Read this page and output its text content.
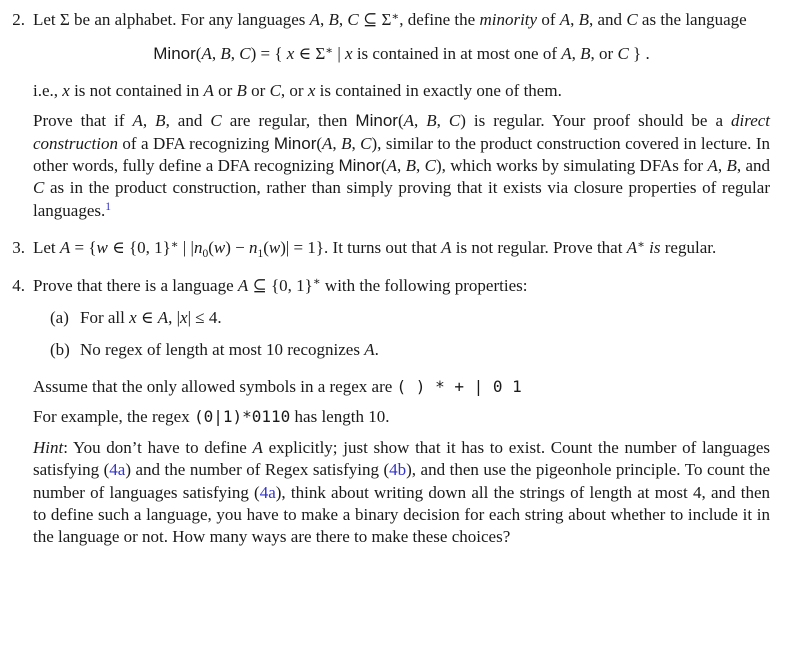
2. Let Σ be an alphabet. For any languages A, B, C ⊆ Σ∗, define the minority of A, B, and C as the language
Minor(A, B, C) = { x ∈ Σ∗ | x is contained in at most one of A, B, or C } .
i.e., x is not contained in A or B or C, or x is contained in exactly one of them.
Prove that if A, B, and C are regular, then Minor(A, B, C) is regular. Your proof should be a direct construction of a DFA recognizing Minor(A, B, C), similar to the product construction covered in lecture. In other words, fully define a DFA recognizing Minor(A, B, C), which works by simulating DFAs for A, B, and C as in the product construction, rather than simply proving that it exists via closure properties of regular languages.$^1$
3. Let A = {w ∈ {0, 1}∗ | $|n_0(w) - n_1(w)| = 1$}. It turns out that A is not regular. Prove that A∗ is regular.
4. Prove that there is a language A ⊆ {0, 1}∗ with the following properties:
(a) For all x ∈ A, |x| ≤ 4.
(b) No regex of length at most 10 recognizes A.
Assume that the only allowed symbols in a regex are ( ) * + | 0 1
For example, the regex (0|1)*0110 has length 10.
Hint: You don’t have to define A explicitly; just show that it has to exist. Count the number of languages satisfying (4a) and the number of Regex satisfying (4b), and then use the pigeonhole principle. To count the number of languages satisfying (4a), think about writing down all the strings of length at most 4, and then to define such a language, you have to make a binary decision for each string about whether to include it in the language or not. How many ways are there to make these choices?
